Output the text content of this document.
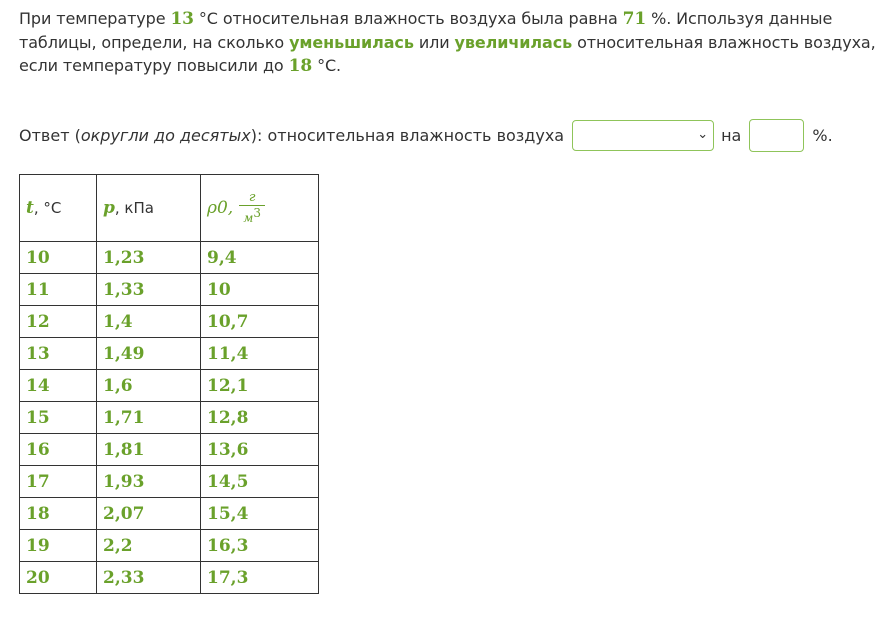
При температуре 13 °C относительная влажность воздуха была равна 71 %. Используя данные таблицы, определи, на сколько уменьшилась или увеличилась относительная влажность воздуха, если температуру повысили до 18 °C.
Ответ ( округли до десятых ): относительная влажность воздуха	⌄ на	%.
t, °C	p, кПа	ρ0, $\frac{г}{м^3}$

10	1,23	9,4
11	1,33	10
12	1,4	10,7
13	1,49	11,4
14	1,6	12,1
15	1,71	12,8
16	1,81	13,6
17	1,93	14,5
18	2,07	15,4
19	2,2	16,3
20	2,33	17,3
